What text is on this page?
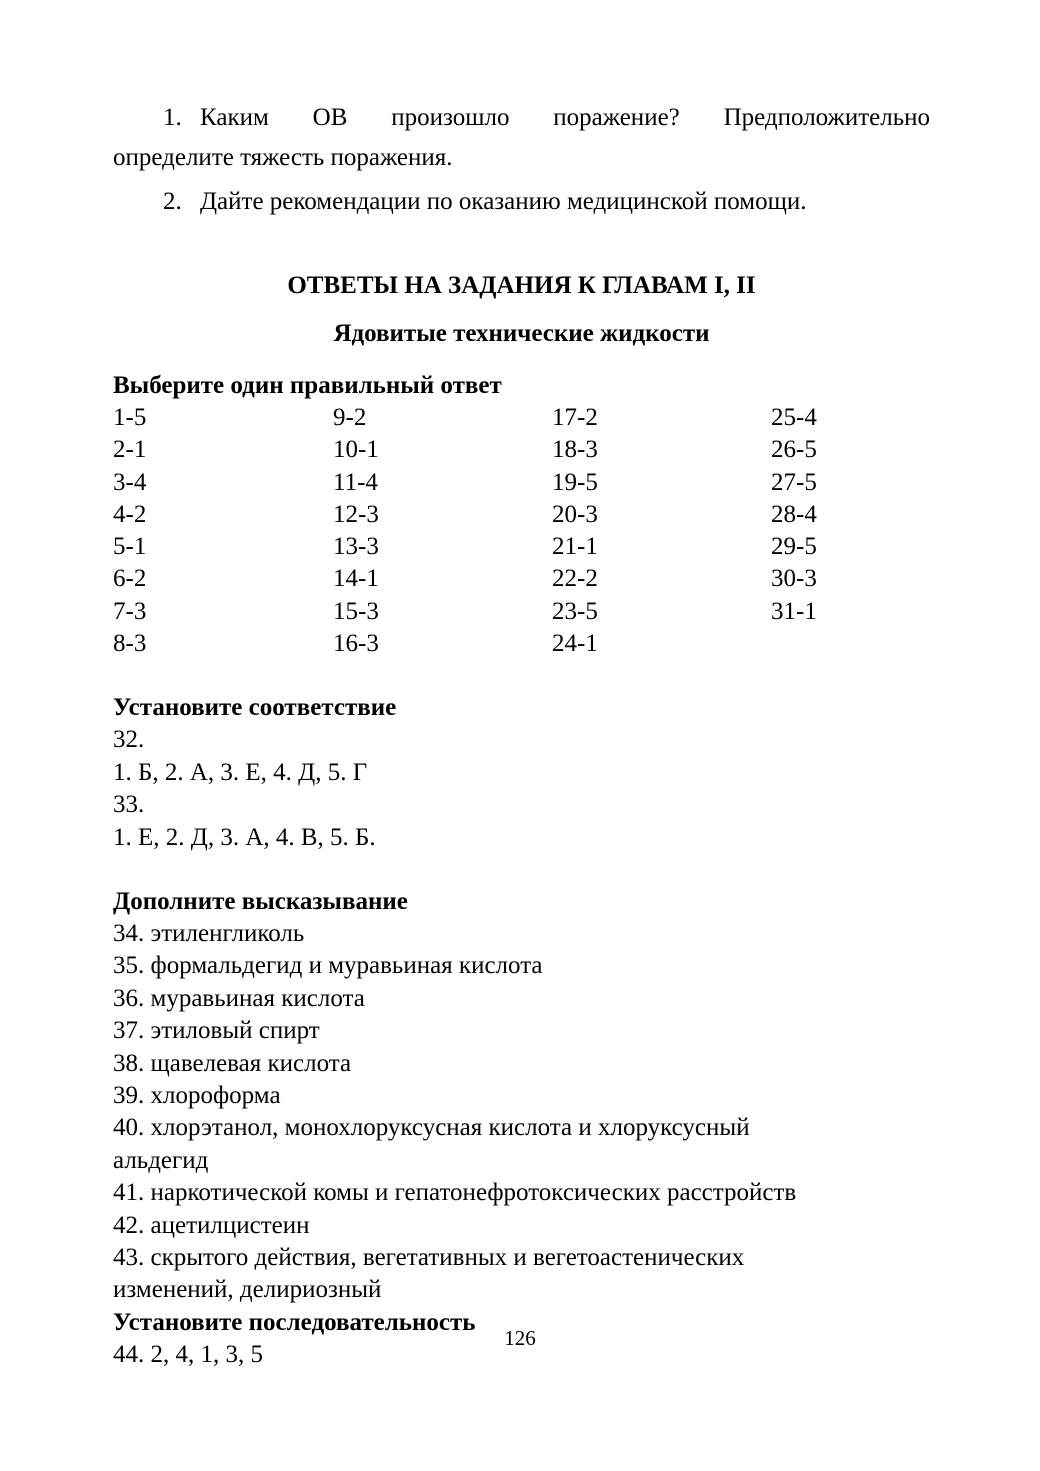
1. Каким ОВ произошло поражение? Предположительно

определите тяжесть поражения.

2. Дайте рекомендации по оказанию медицинской помощи.

ОТВЕТЫ НА ЗАДАНИЯ К ГЛАВАМ I, II
Ядовитые технические жидкости
Выберите один правильный ответ
1-5	9-2	17-2	25-4
2-1	10-1	18-3	26-5
3-4	11-4	19-5	27-5
4-2	12-3	20-3	28-4
5-1	13-3	21-1	29-5
6-2	14-1	22-2	30-3
7-3	15-3	23-5	31-1
8-3	16-3	24-1
Установите соответствие

32.

1. Б, 2. А, 3. Е, 4. Д, 5. Г

33.

1. Е, 2. Д, 3. А, 4. В, 5. Б.

Дополните высказывание

34. этиленгликоль

35. формальдегид и муравьиная кислота

36. муравьиная кислота

37. этиловый спирт

38. щавелевая кислота

39. хлороформа

40. хлорэтанол, монохлоруксусная кислота и хлоруксусный

альдегид

41. наркотической комы и гепатонефротоксических расстройств

42. ацетилцистеин

43. скрытого действия, вегетативных и вегетоастенических

изменений, делириозный

Установите последовательность

44. 2, 4, 1, 3, 5

126
